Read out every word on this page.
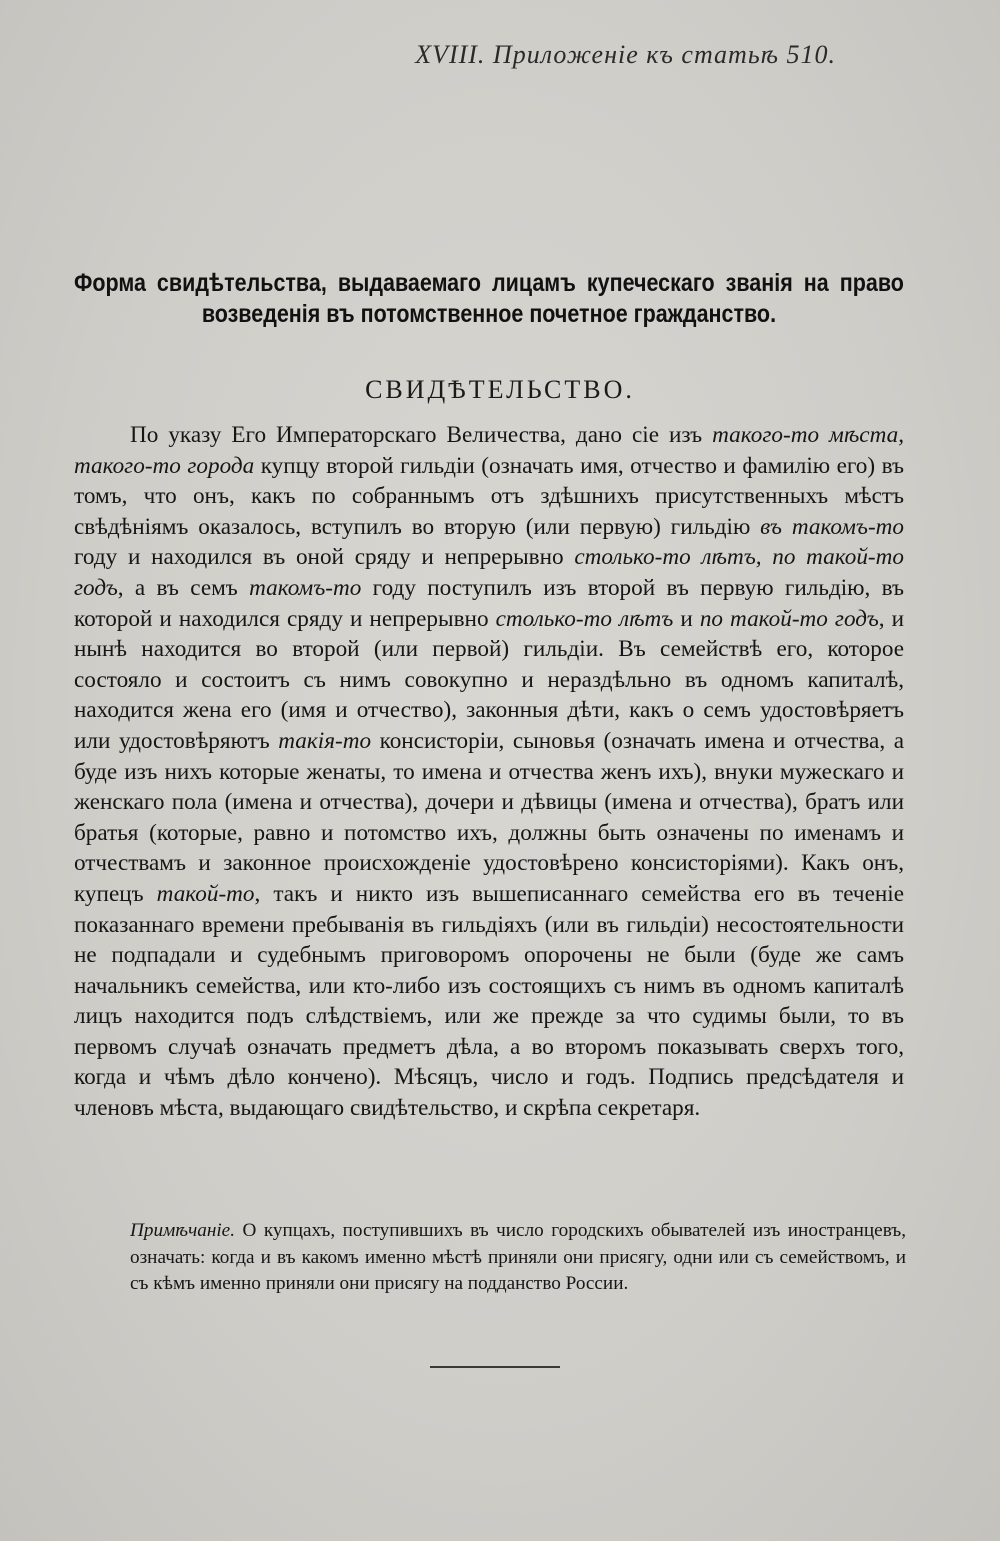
XVIII. Приложеніе къ статьѣ 510.
Форма свидѣтельства, выдаваемаго лицамъ купеческаго званія на право возведенія въ потомственное почетное гражданство.
СВИДѢТЕЛЬСТВО.

По указу Его Императорскаго Величества, дано сіе изъ такого-то мѣста, такого-то города купцу второй гильдіи (означать имя, отчество и фамилію его) въ томъ, что онъ, какъ по собраннымъ отъ здѣшнихъ присутственныхъ мѣстъ свѣдѣніямъ оказалось, вступилъ во вторую (или первую) гильдію въ такомъ-то году и находился въ оной сряду и непрерывно столько-то лѣтъ, по такой-то годъ, а въ семъ такомъ-то году поступилъ изъ второй въ первую гильдію, въ которой и находился сряду и непрерывно столько-то лѣтъ и по такой-то годъ, и нынѣ находится во второй (или первой) гильдіи. Въ семействѣ его, которое состояло и состоитъ съ нимъ совокупно и нераздѣльно въ одномъ капиталѣ, находится жена его (имя и отчество), законныя дѣти, какъ о семъ удостовѣряетъ или удостовѣряютъ такія-то консисторіи, сыновья (означать имена и отчества, а буде изъ нихъ которые женаты, то имена и отчества женъ ихъ), внуки мужескаго и женскаго пола (имена и отчества), дочери и дѣвицы (имена и отчества), братъ или братья (которые, равно и потомство ихъ, должны быть означены по именамъ и отчествамъ и законное происхожденіе удостовѣрено консисторіями). Какъ онъ, купецъ такой-то, такъ и никто изъ вышеписаннаго семейства его въ теченіе показаннаго времени пребыванія въ гильдіяхъ (или въ гильдіи) несостоятельности не подпадали и судебнымъ приговоромъ опорочены не были (буде же самъ начальникъ семейства, или кто-либо изъ состоящихъ съ нимъ въ одномъ капиталѣ лицъ находится подъ слѣдствіемъ, или же прежде за что судимы были, то въ первомъ случаѣ означать предметъ дѣла, а во второмъ показывать сверхъ того, когда и чѣмъ дѣло кончено). Мѣсяцъ, число и годъ. Подпись предсѣдателя и членовъ мѣста, выдающаго свидѣтельство, и скрѣпа секретаря.

Примѣчаніе. О купцахъ, поступившихъ въ число городскихъ обывателей изъ иностранцевъ, означать: когда и въ какомъ именно мѣстѣ приняли они присягу, одни или съ семействомъ, и съ кѣмъ именно приняли они присягу на подданство России.
